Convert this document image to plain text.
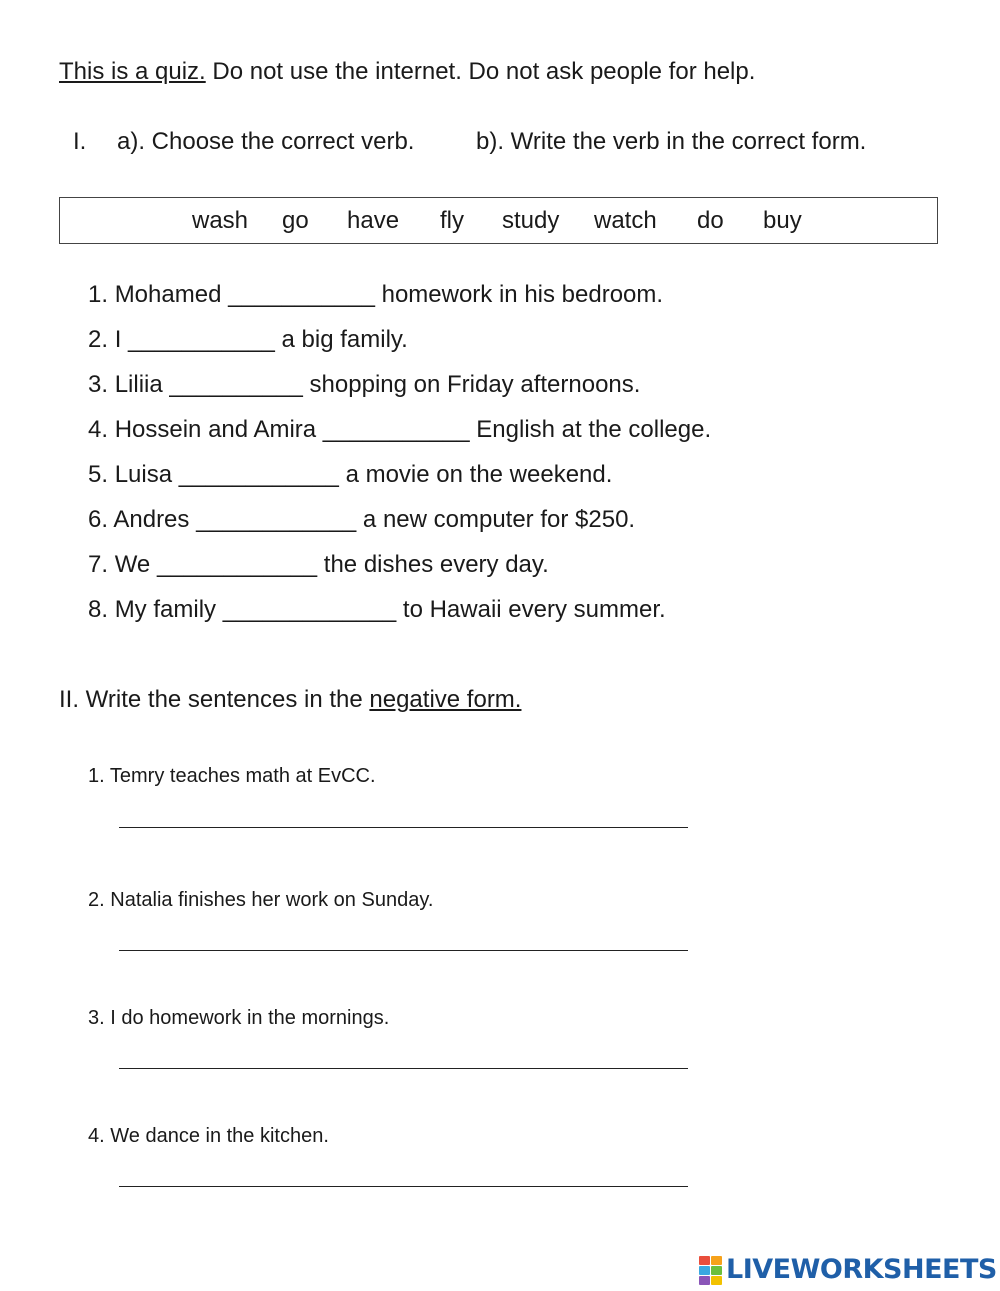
This is a quiz. Do not use the internet. Do not ask people for help.
I. a). Choose the correct verb.	b). Write the verb in the correct form.
wash go have fly study watch do buy
1. Mohamed ___________ homework in his bedroom.
2. I ___________ a big family.
3. Liliia __________ shopping on Friday afternoons.
4. Hossein and Amira ___________ English at the college.
5. Luisa ____________ a movie on the weekend.
6. Andres ____________ a new computer for $250.
7. We ____________ the dishes every day.
8. My family _____________ to Hawaii every summer.
II. Write the sentences in the negative form.
1. Temry teaches math at EvCC.
2. Natalia finishes her work on Sunday.
3. I do homework in the mornings.
4. We dance in the kitchen.
LIVEWORKSHEETS
